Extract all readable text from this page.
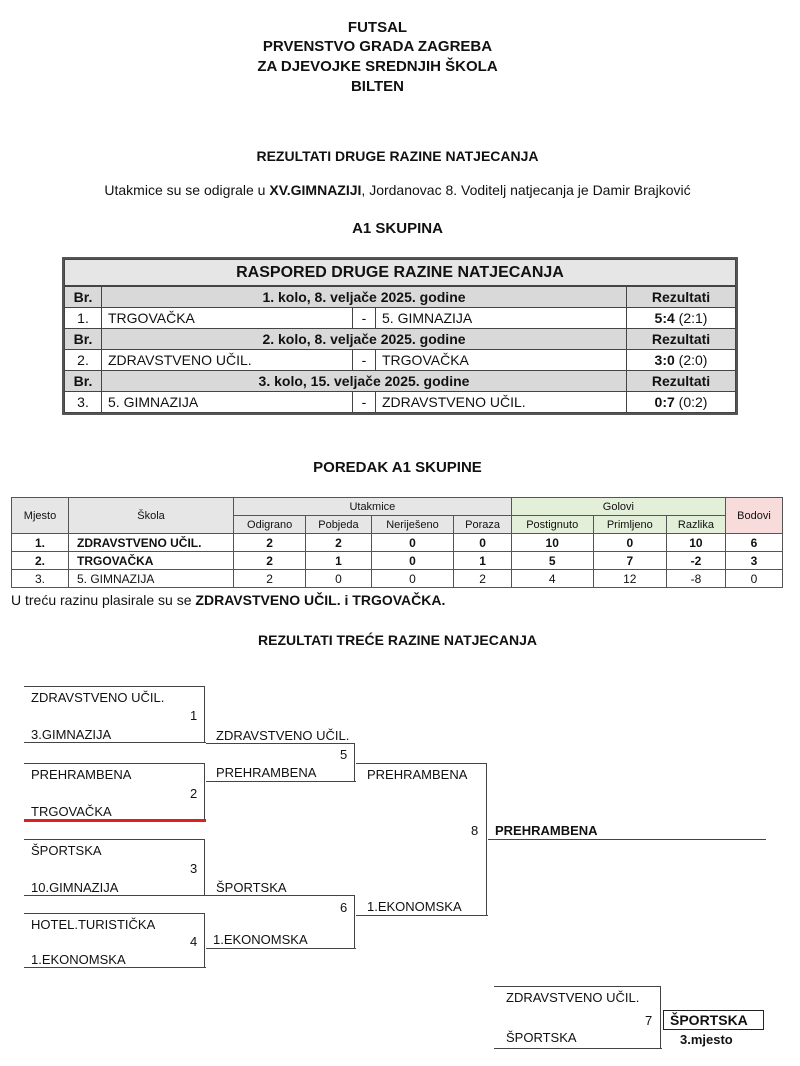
FUTSAL
PRVENSTVO GRADA ZAGREBA
ZA DJEVOJKE SREDNJIH ŠKOLA
BILTEN
REZULTATI DRUGE RAZINE NATJECANJA
Utakmice su se odigrale u XV.GIMNAZIJI, Jordanovac 8. Voditelj natjecanja je Damir Brajković
A1 SKUPINA
RASPORED DRUGE RAZINE NATJECANJA				
Br.	1. kolo, 8. veljače 2025. godine			Rezultati
1.	TRGOVAČKA	-	5. GIMNAZIJA	5:4 (2:1)
Br.	2. kolo, 8. veljače 2025. godine			Rezultati
2.	ZDRAVSTVENO UČIL.	-	TRGOVAČKA	3:0 (2:0)
Br.	3. kolo, 15. veljače 2025. godine			Rezultati
3.	5. GIMNAZIJA	-	ZDRAVSTVENO UČIL.	0:7 (0:2)
POREDAK A1 SKUPINE
Mjesto	Škola	Utakmice				Golovi			Bodovi
		Odigrano	Pobjeda	Neriješeno	Poraza	Postignuto	Primljeno	Razlika	
1.	ZDRAVSTVENO UČIL.	2	2	0	0	10	0	10	6
2.	TRGOVAČKA	2	1	0	1	5	7	-2	3
3.	5. GIMNAZIJA	2	0	0	2	4	12	-8	0
U treću razinu plasirale su se ZDRAVSTVENO UČIL. i TRGOVAČKA.
REZULTATI TREĆE RAZINE NATJECANJA
ZDRAVSTVENO UČIL.
1
3.GIMNAZIJA
PREHRAMBENA
2
TRGOVAČKA
ŠPORTSKA
3
10.GIMNAZIJA
HOTEL.TURISTIČKA
4
1.EKONOMSKA
ZDRAVSTVENO UČIL.
5
PREHRAMBENA
ŠPORTSKA
6
1.EKONOMSKA
PREHRAMBENA
8
1.EKONOMSKA
PREHRAMBENA
ZDRAVSTVENO UČIL.
7
ŠPORTSKA
ŠPORTSKA
3.mjesto
